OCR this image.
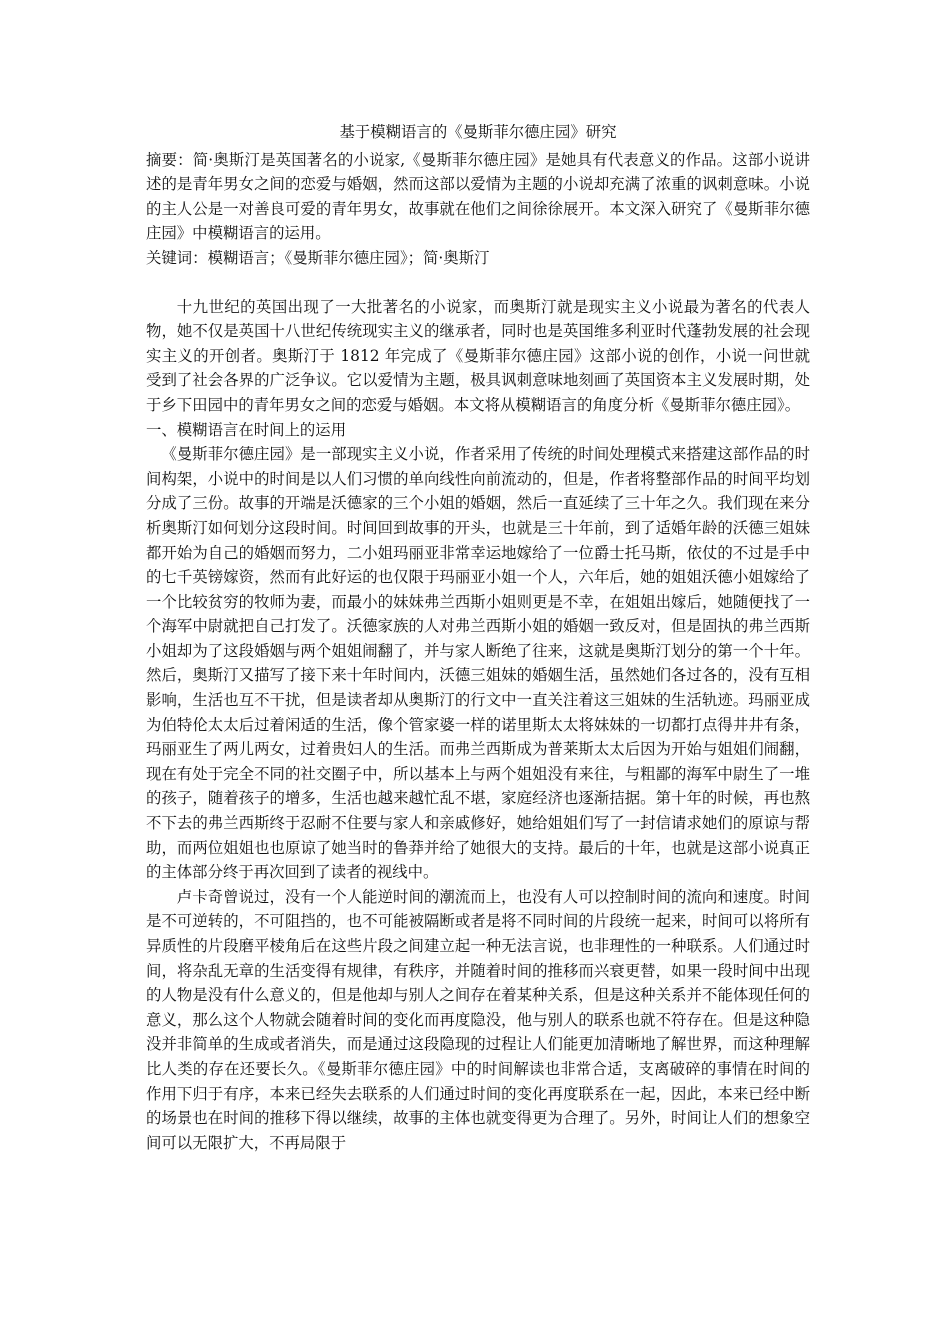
基于模糊语言的《曼斯菲尔德庄园》研究

摘要：简·奥斯汀是英国著名的小说家,《曼斯菲尔德庄园》是她具有代表意义的作品。这部小说讲述的是青年男女之间的恋爱与婚姻，然而这部以爱情为主题的小说却充满了浓重的讽刺意味。小说的主人公是一对善良可爱的青年男女，故事就在他们之间徐徐展开。本文深入研究了《曼斯菲尔德庄园》中模糊语言的运用。

关键词：模糊语言；《曼斯菲尔德庄园》；简·奥斯汀

十九世纪的英国出现了一大批著名的小说家，而奥斯汀就是现实主义小说最为著名的代表人物，她不仅是英国十八世纪传统现实主义的继承者，同时也是英国维多利亚时代蓬勃发展的社会现实主义的开创者。奥斯汀于 1812 年完成了《曼斯菲尔德庄园》这部小说的创作，小说一问世就受到了社会各界的广泛争议。它以爱情为主题，极具讽刺意味地刻画了英国资本主义发展时期，处于乡下田园中的青年男女之间的恋爱与婚姻。本文将从模糊语言的角度分析《曼斯菲尔德庄园》。

一、模糊语言在时间上的运用

《曼斯菲尔德庄园》是一部现实主义小说，作者采用了传统的时间处理模式来搭建这部作品的时间构架，小说中的时间是以人们习惯的单向线性向前流动的，但是，作者将整部作品的时间平均划分成了三份。故事的开端是沃德家的三个小姐的婚姻，然后一直延续了三十年之久。我们现在来分析奥斯汀如何划分这段时间。时间回到故事的开头，也就是三十年前，到了适婚年龄的沃德三姐妹都开始为自己的婚姻而努力，二小姐玛丽亚非常幸运地嫁给了一位爵士托马斯，依仗的不过是手中的七千英镑嫁资，然而有此好运的也仅限于玛丽亚小姐一个人，六年后，她的姐姐沃德小姐嫁给了一个比较贫穷的牧师为妻，而最小的妹妹弗兰西斯小姐则更是不幸，在姐姐出嫁后，她随便找了一个海军中尉就把自己打发了。沃德家族的人对弗兰西斯小姐的婚姻一致反对，但是固执的弗兰西斯小姐却为了这段婚姻与两个姐姐闹翻了，并与家人断绝了往来，这就是奥斯汀划分的第一个十年。然后，奥斯汀又描写了接下来十年时间内，沃德三姐妹的婚姻生活，虽然她们各过各的，没有互相影响，生活也互不干扰，但是读者却从奥斯汀的行文中一直关注着这三姐妹的生活轨迹。玛丽亚成为伯特伦太太后过着闲适的生活，像个管家婆一样的诺里斯太太将妹妹的一切都打点得井井有条，玛丽亚生了两儿两女，过着贵妇人的生活。而弗兰西斯成为普莱斯太太后因为开始与姐姐们闹翻，现在有处于完全不同的社交圈子中，所以基本上与两个姐姐没有来往，与粗鄙的海军中尉生了一堆的孩子，随着孩子的增多，生活也越来越忙乱不堪，家庭经济也逐渐拮据。第十年的时候，再也熬不下去的弗兰西斯终于忍耐不住要与家人和亲戚修好，她给姐姐们写了一封信请求她们的原谅与帮助，而两位姐姐也也原谅了她当时的鲁莽并给了她很大的支持。最后的十年，也就是这部小说真正的主体部分终于再次回到了读者的视线中。

卢卡奇曾说过，没有一个人能逆时间的潮流而上，也没有人可以控制时间的流向和速度。时间是不可逆转的，不可阻挡的，也不可能被隔断或者是将不同时间的片段统一起来，时间可以将所有异质性的片段磨平棱角后在这些片段之间建立起一种无法言说，也非理性的一种联系。人们通过时间，将杂乱无章的生活变得有规律，有秩序，并随着时间的推移而兴衰更替，如果一段时间中出现的人物是没有什么意义的，但是他却与别人之间存在着某种关系，但是这种关系并不能体现任何的意义，那么这个人物就会随着时间的变化而再度隐没，他与别人的联系也就不符存在。但是这种隐没并非简单的生成或者消失，而是通过这段隐现的过程让人们能更加清晰地了解世界，而这种理解比人类的存在还要长久。《曼斯菲尔德庄园》中的时间解读也非常合适，支离破碎的事情在时间的作用下归于有序，本来已经失去联系的人们通过时间的变化再度联系在一起，因此，本来已经中断的场景也在时间的推移下得以继续，故事的主体也就变得更为合理了。另外，时间让人们的想象空间可以无限扩大，不再局限于
